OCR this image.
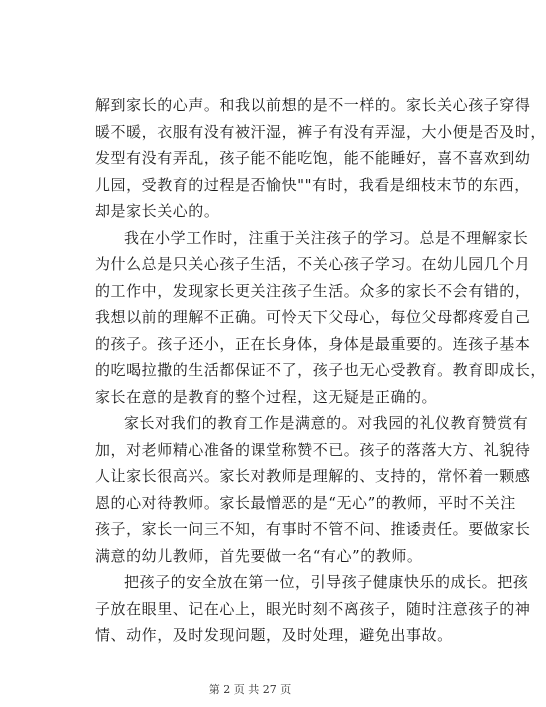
解到家长的心声。和我以前想的是不一样的。家长关心孩子穿得
暖不暖，衣服有没有被汗湿，裤子有没有弄湿，大小便是否及时，
发型有没有弄乱，孩子能不能吃饱，能不能睡好，喜不喜欢到幼
儿园，受教育的过程是否愉快""有时，我看是细枝末节的东西，
却是家长关心的。
我在小学工作时，注重于关注孩子的学习。总是不理解家长
为什么总是只关心孩子生活，不关心孩子学习。在幼儿园几个月
的工作中，发现家长更关注孩子生活。众多的家长不会有错的，
我想以前的理解不正确。可怜天下父母心，每位父母都疼爱自己
的孩子。孩子还小，正在长身体，身体是最重要的。连孩子基本
的吃喝拉撒的生活都保证不了，孩子也无心受教育。教育即成长，
家长在意的是教育的整个过程，这无疑是正确的。
家长对我们的教育工作是满意的。对我园的礼仪教育赞赏有
加，对老师精心准备的课堂称赞不已。孩子的落落大方、礼貌待
人让家长很高兴。家长对教师是理解的、支持的，常怀着一颗感
恩的心对待教师。家长最憎恶的是“无心”的教师，平时不关注
孩子，家长一问三不知，有事时不管不问、推诿责任。要做家长
满意的幼儿教师，首先要做一名“有心”的教师。
把孩子的安全放在第一位，引导孩子健康快乐的成长。把孩
子放在眼里、记在心上，眼光时刻不离孩子，随时注意孩子的神
情、动作，及时发现问题，及时处理，避免出事故。
第 2 页 共 27 页
